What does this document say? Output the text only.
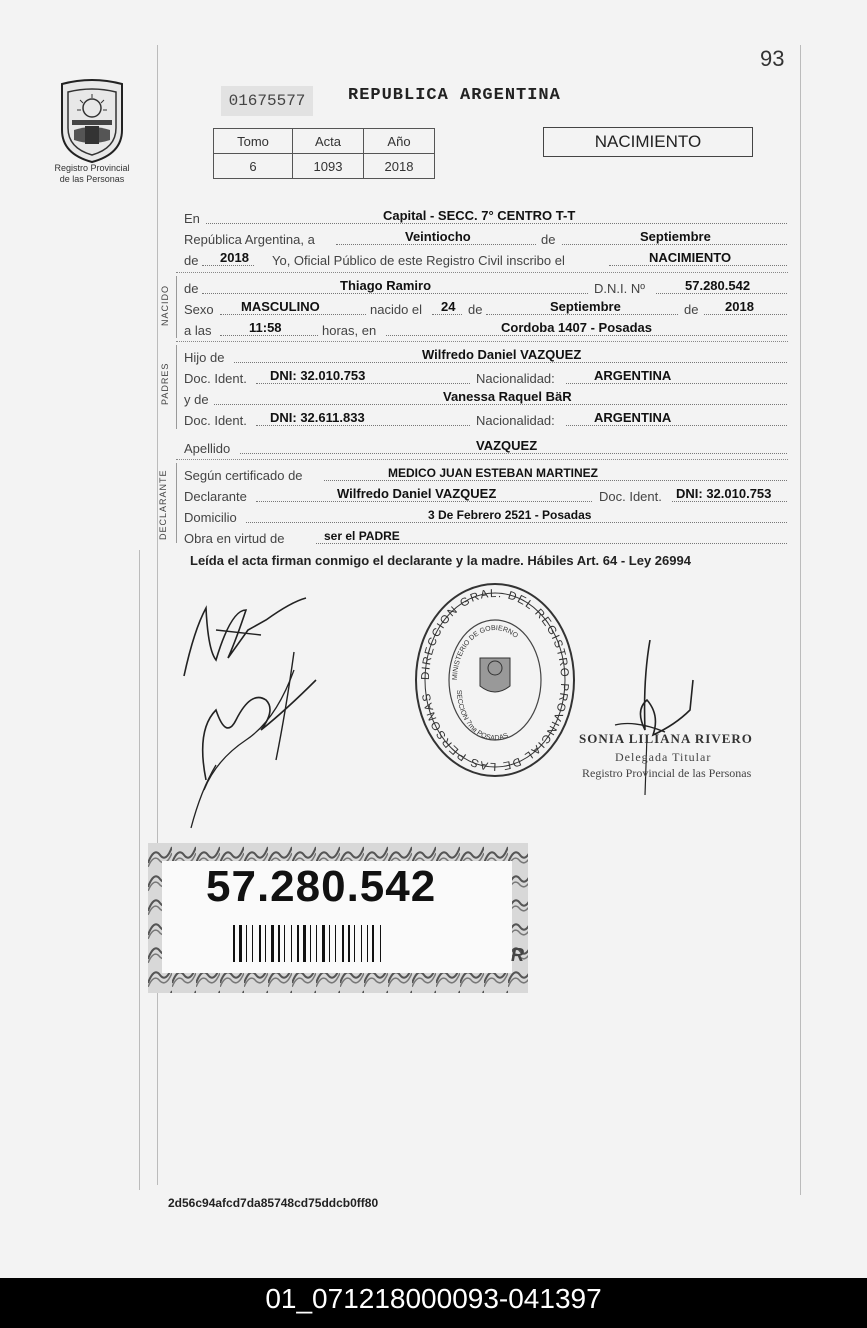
Registro Provincial
de las Personas
93
01675577	REPUBLICA ARGENTINA
Tomo	Acta	Año
6	1093	2018
NACIMIENTO
En	Capital - SECC. 7° CENTRO T-T
República Argentina, a	Veintiocho	de	Septiembre
de 2018 Yo, Oficial Público de este Registro Civil inscribo el	NACIMIENTO
NACIDO de	Thiago Ramiro	D.N.I. Nº	57.280.542
Sexo MASCULINO	nacido el 24 de	Septiembre	de 2018
a las	11:58	horas, en	Cordoba 1407 - Posadas
PADRES
Hijo de	Wilfredo Daniel VAZQUEZ
Doc. Ident. DNI: 32.010.753	Nacionalidad:	ARGENTINA
y de	Vanessa Raquel BäR
Doc. Ident. DNI: 32.611.833	Nacionalidad:	ARGENTINA
Apellido	VAZQUEZ
DECLARANTE Según certificado de	MEDICO JUAN ESTEBAN MARTINEZ
Declarante	Wilfredo Daniel VAZQUEZ	Doc. Ident. DNI: 32.010.753
Domicilio	3 De Febrero 2521 - Posadas
Obra en virtud de	ser el PADRE
Leída el acta firman conmigo el declarante y la madre. Hábiles Art. 64 - Ley 26994
DIRECCION GRAL. DEL REGISTRO PROVINCIAL DE LAS PERSONAS
MINISTERIO DE GOBIERNO
SECCION 7ma POSADAS	SONIA LILIANA RIVERO
Delegada Titular
Registro Provincial de las Personas
R
57.280.542
2d56c94afcd7da85748cd75ddcb0ff80
01_071218000093-041397
